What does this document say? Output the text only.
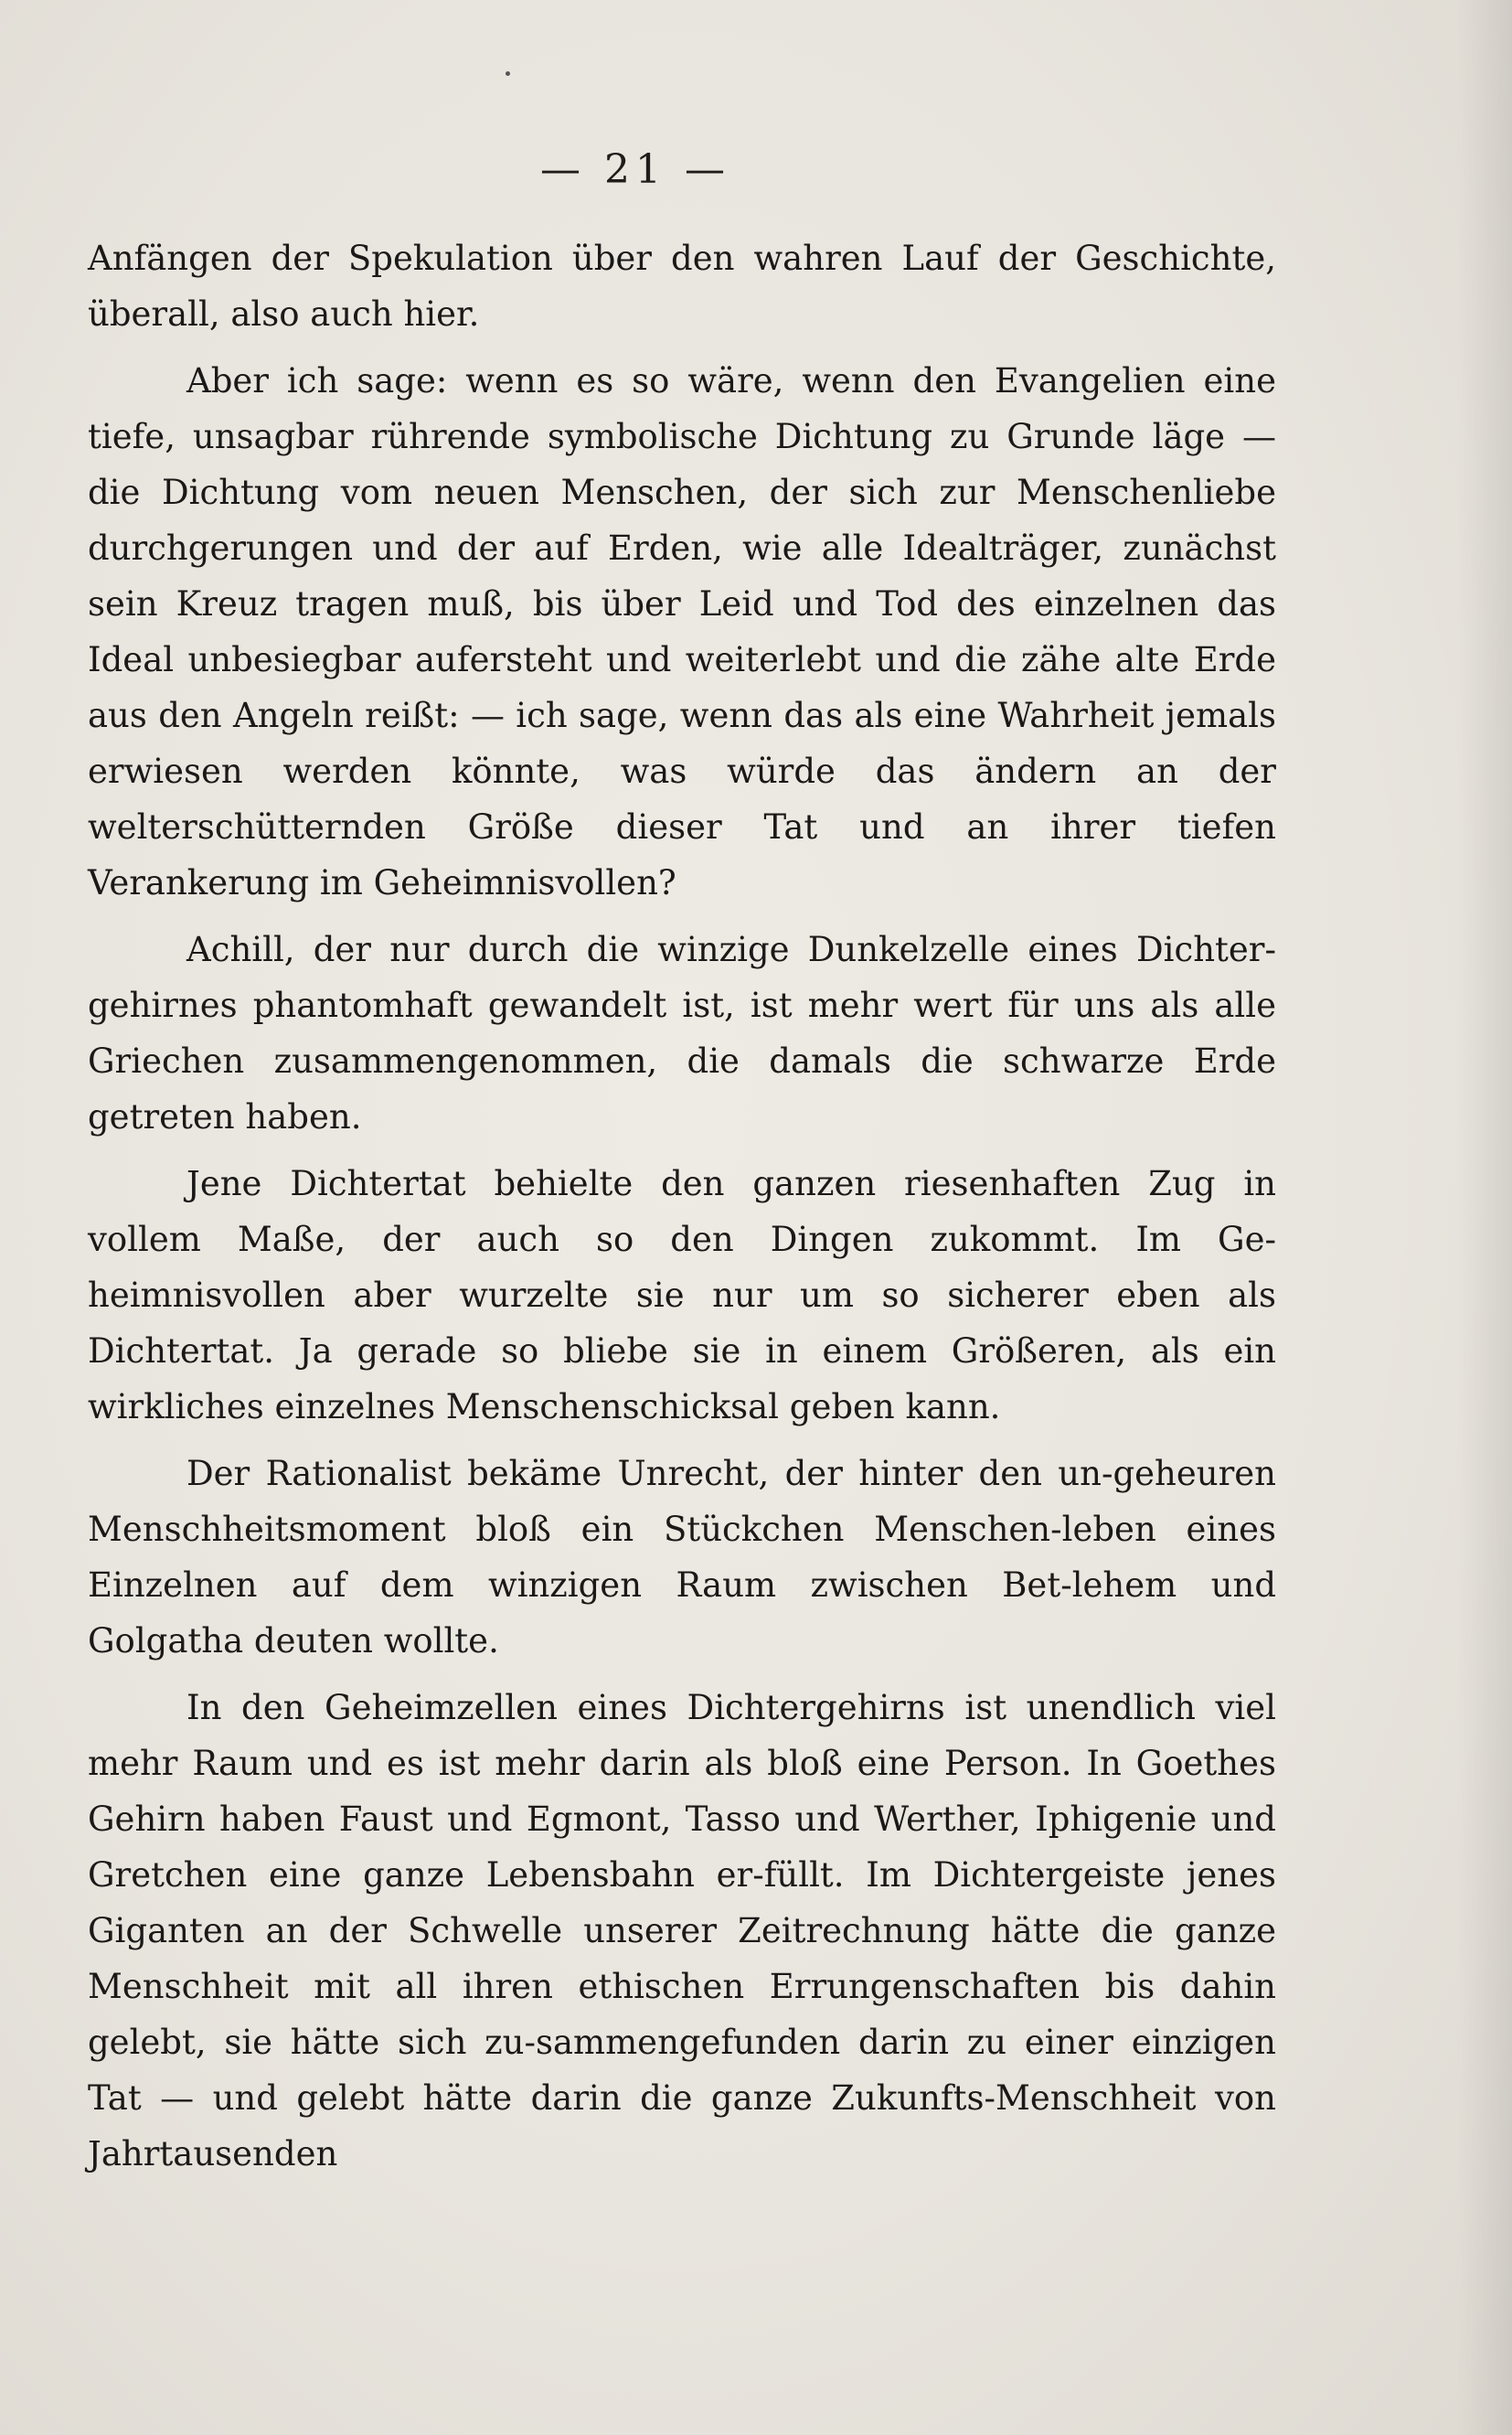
— 21 —

Anfängen der Spekulation über den wahren Lauf der Geschichte, überall, also auch hier.

Aber ich sage: wenn es so wäre, wenn den Evangelien eine tiefe, unsagbar rührende symbolische Dichtung zu Grunde läge — die Dichtung vom neuen Menschen, der sich zur Menschenliebe durchgerungen und der auf Erden, wie alle Idealträger, zunächst sein Kreuz tragen muß, bis über Leid und Tod des einzelnen das Ideal unbesiegbar aufersteht und weiterlebt und die zähe alte Erde aus den Angeln reißt: — ich sage, wenn das als eine Wahrheit jemals erwiesen werden könnte, was würde das ändern an der welterschütternden Größe dieser Tat und an ihrer tiefen Verankerung im Geheimnisvollen?

Achill, der nur durch die winzige Dunkelzelle eines Dichter-gehirnes phantomhaft gewandelt ist, ist mehr wert für uns als alle Griechen zusammengenommen, die damals die schwarze Erde getreten haben.

Jene Dichtertat behielte den ganzen riesenhaften Zug in vollem Maße, der auch so den Dingen zukommt. Im Ge-heimnisvollen aber wurzelte sie nur um so sicherer eben als Dichtertat. Ja gerade so bliebe sie in einem Größeren, als ein wirkliches einzelnes Menschenschicksal geben kann.

Der Rationalist bekäme Unrecht, der hinter den un-geheuren Menschheitsmoment bloß ein Stückchen Menschen-leben eines Einzelnen auf dem winzigen Raum zwischen Bet-lehem und Golgatha deuten wollte.

In den Geheimzellen eines Dichtergehirns ist unendlich viel mehr Raum und es ist mehr darin als bloß eine Person. In Goethes Gehirn haben Faust und Egmont, Tasso und Werther, Iphigenie und Gretchen eine ganze Lebensbahn er-füllt. Im Dichtergeiste jenes Giganten an der Schwelle unserer Zeitrechnung hätte die ganze Menschheit mit all ihren ethischen Errungenschaften bis dahin gelebt, sie hätte sich zu-sammengefunden darin zu einer einzigen Tat — und gelebt hätte darin die ganze Zukunfts-Menschheit von Jahrtausenden
